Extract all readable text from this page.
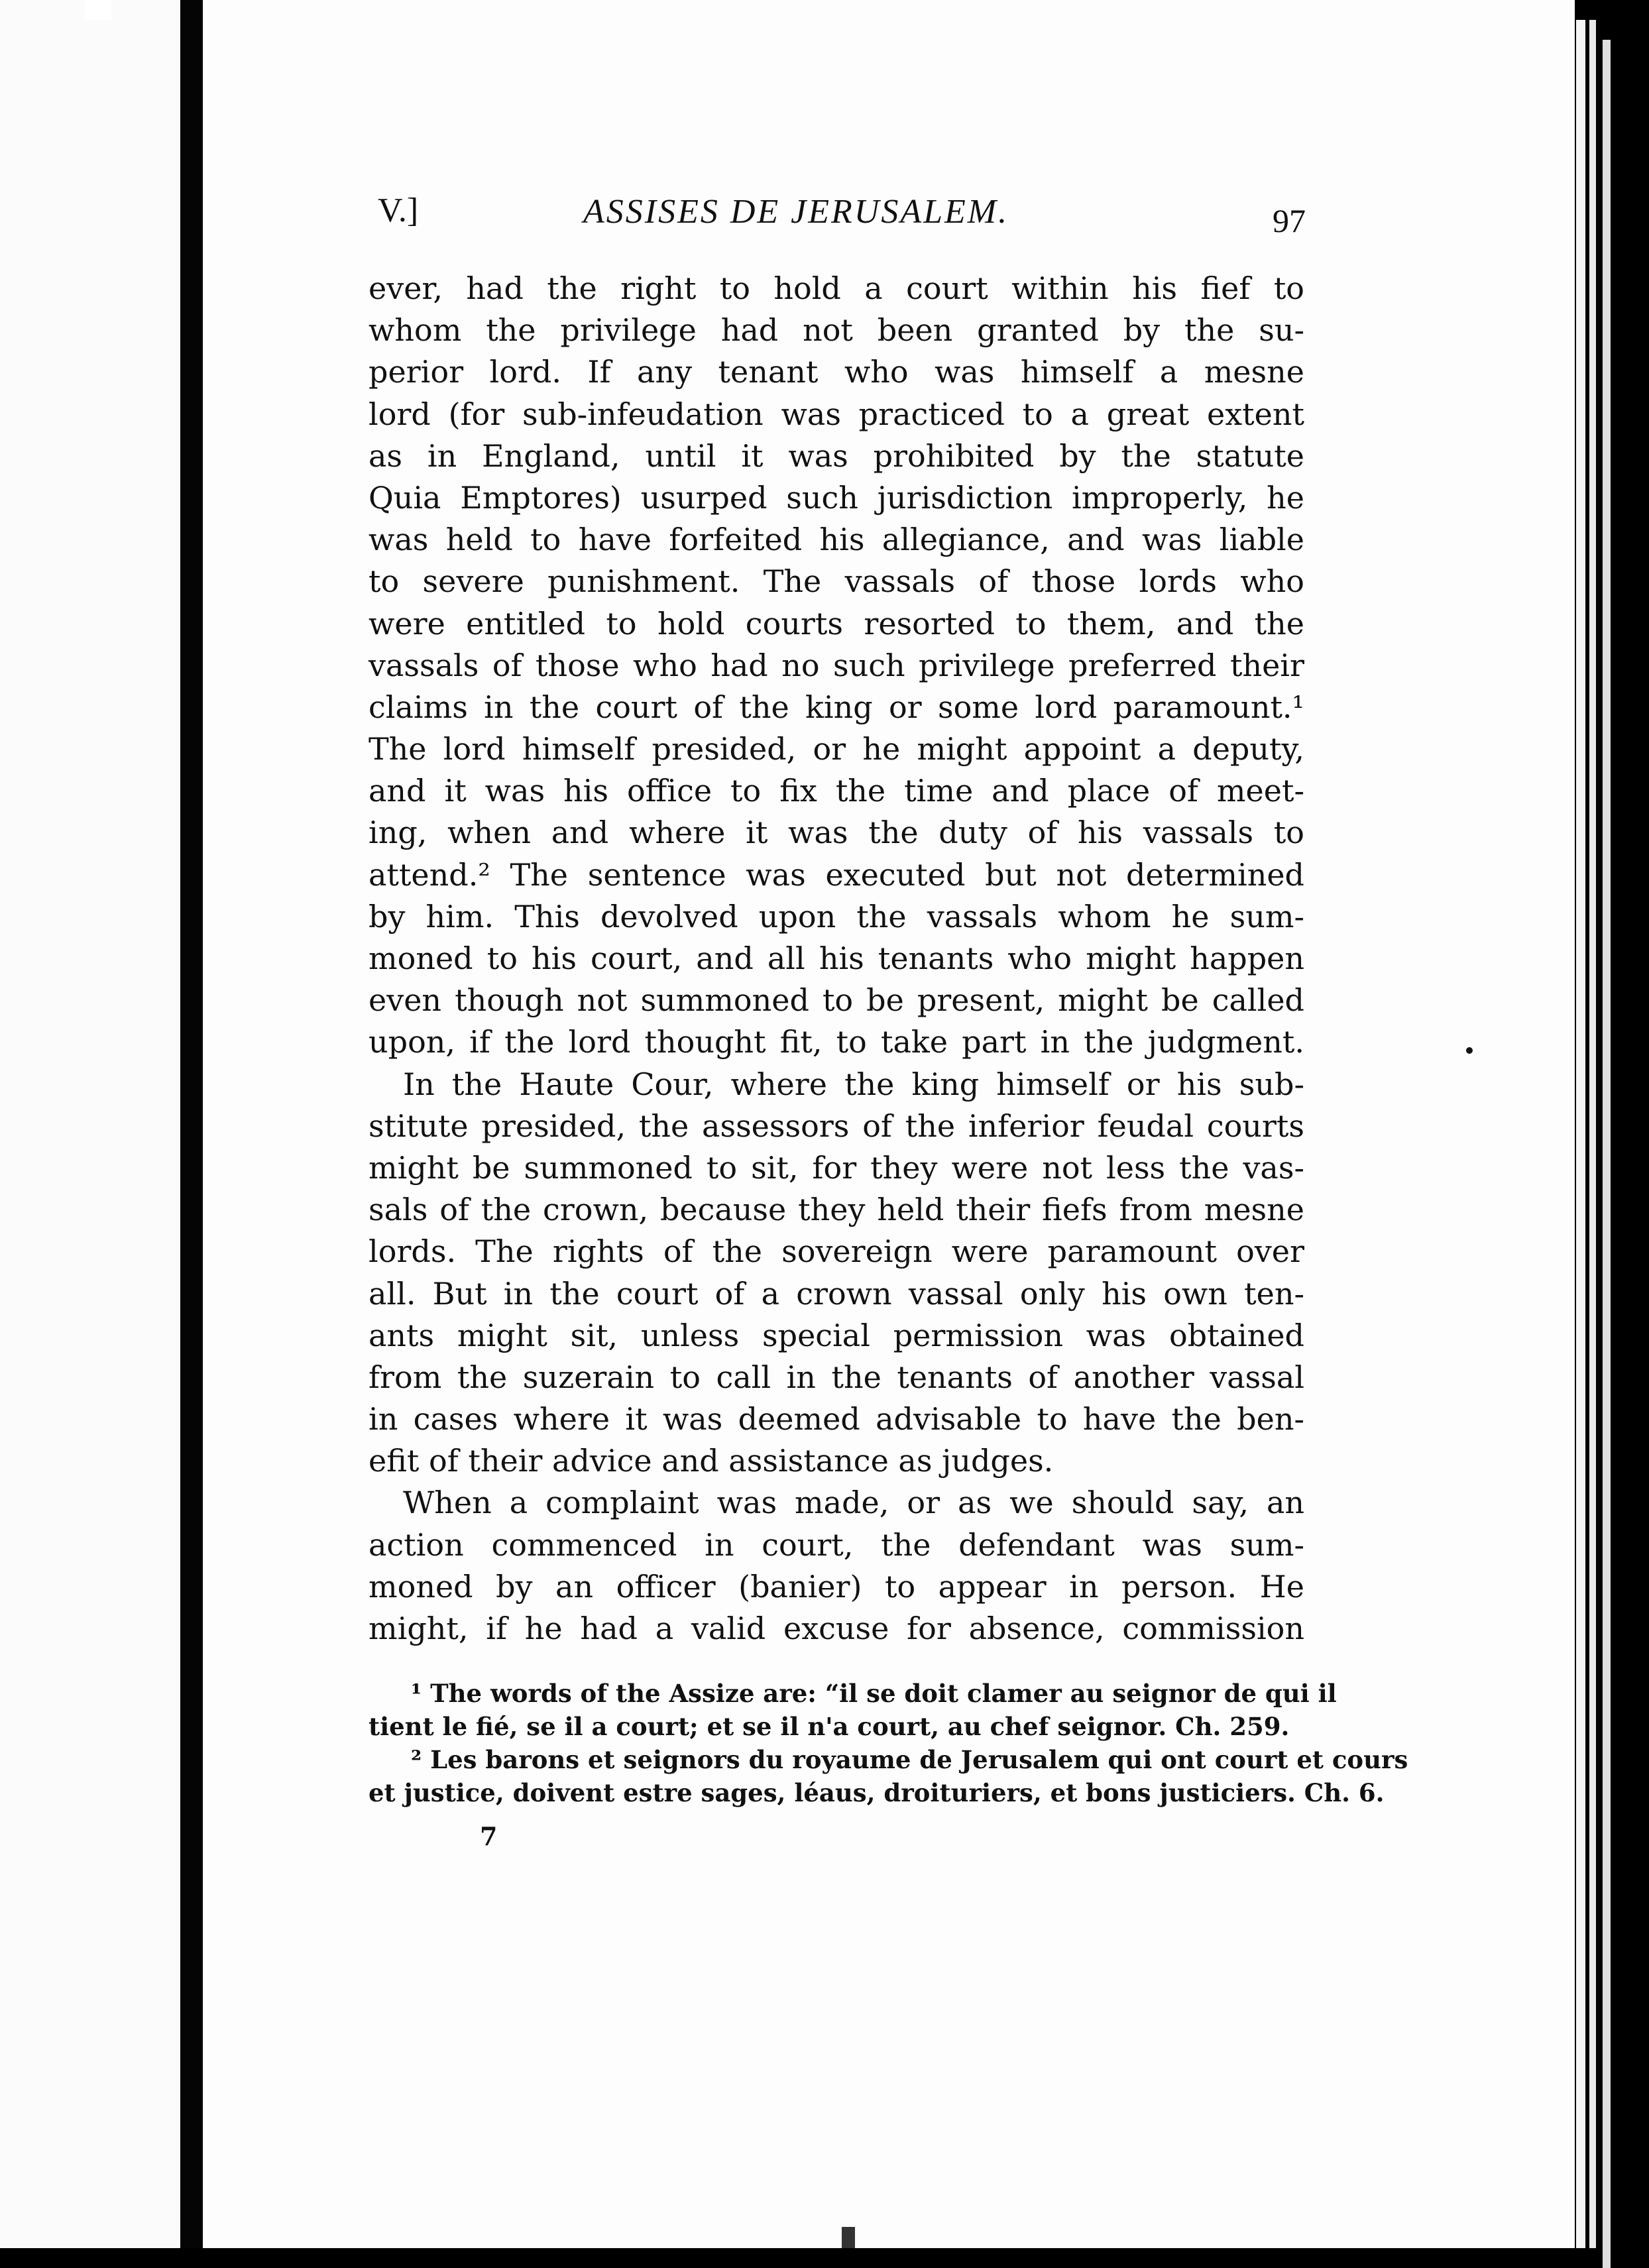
V.]	ASSISES DE JERUSALEM.	97
ever, had the right to hold a court within his fief to
whom the privilege had not been granted by the su-
perior lord. If any tenant who was himself a mesne
lord (for sub-infeudation was practiced to a great extent
as in England, until it was prohibited by the statute
Quia Emptores) usurped such jurisdiction improperly, he
was held to have forfeited his allegiance, and was liable
to severe punishment. The vassals of those lords who
were entitled to hold courts resorted to them, and the
vassals of those who had no such privilege preferred their
claims in the court of the king or some lord paramount.¹
The lord himself presided, or he might appoint a deputy,
and it was his office to fix the time and place of meet-
ing, when and where it was the duty of his vassals to
attend.² The sentence was executed but not determined
by him. This devolved upon the vassals whom he sum-
moned to his court, and all his tenants who might happen
even though not summoned to be present, might be called
upon, if the lord thought fit, to take part in the judgment.
In the Haute Cour, where the king himself or his sub-
stitute presided, the assessors of the inferior feudal courts
might be summoned to sit, for they were not less the vas-
sals of the crown, because they held their fiefs from mesne
lords. The rights of the sovereign were paramount over
all. But in the court of a crown vassal only his own ten-
ants might sit, unless special permission was obtained
from the suzerain to call in the tenants of another vassal
in cases where it was deemed advisable to have the ben-
efit of their advice and assistance as judges.
When a complaint was made, or as we should say, an
action commenced in court, the defendant was sum-
moned by an officer (banier) to appear in person. He
might, if he had a valid excuse for absence, commission
¹ The words of the Assize are: “il se doit clamer au seignor de qui il
tient le fié, se il a court; et se il n'a court, au chef seignor. Ch. 259.
² Les barons et seignors du royaume de Jerusalem qui ont court et cours
et justice, doivent estre sages, léaus, droituriers, et bons justiciers. Ch. 6.
7
